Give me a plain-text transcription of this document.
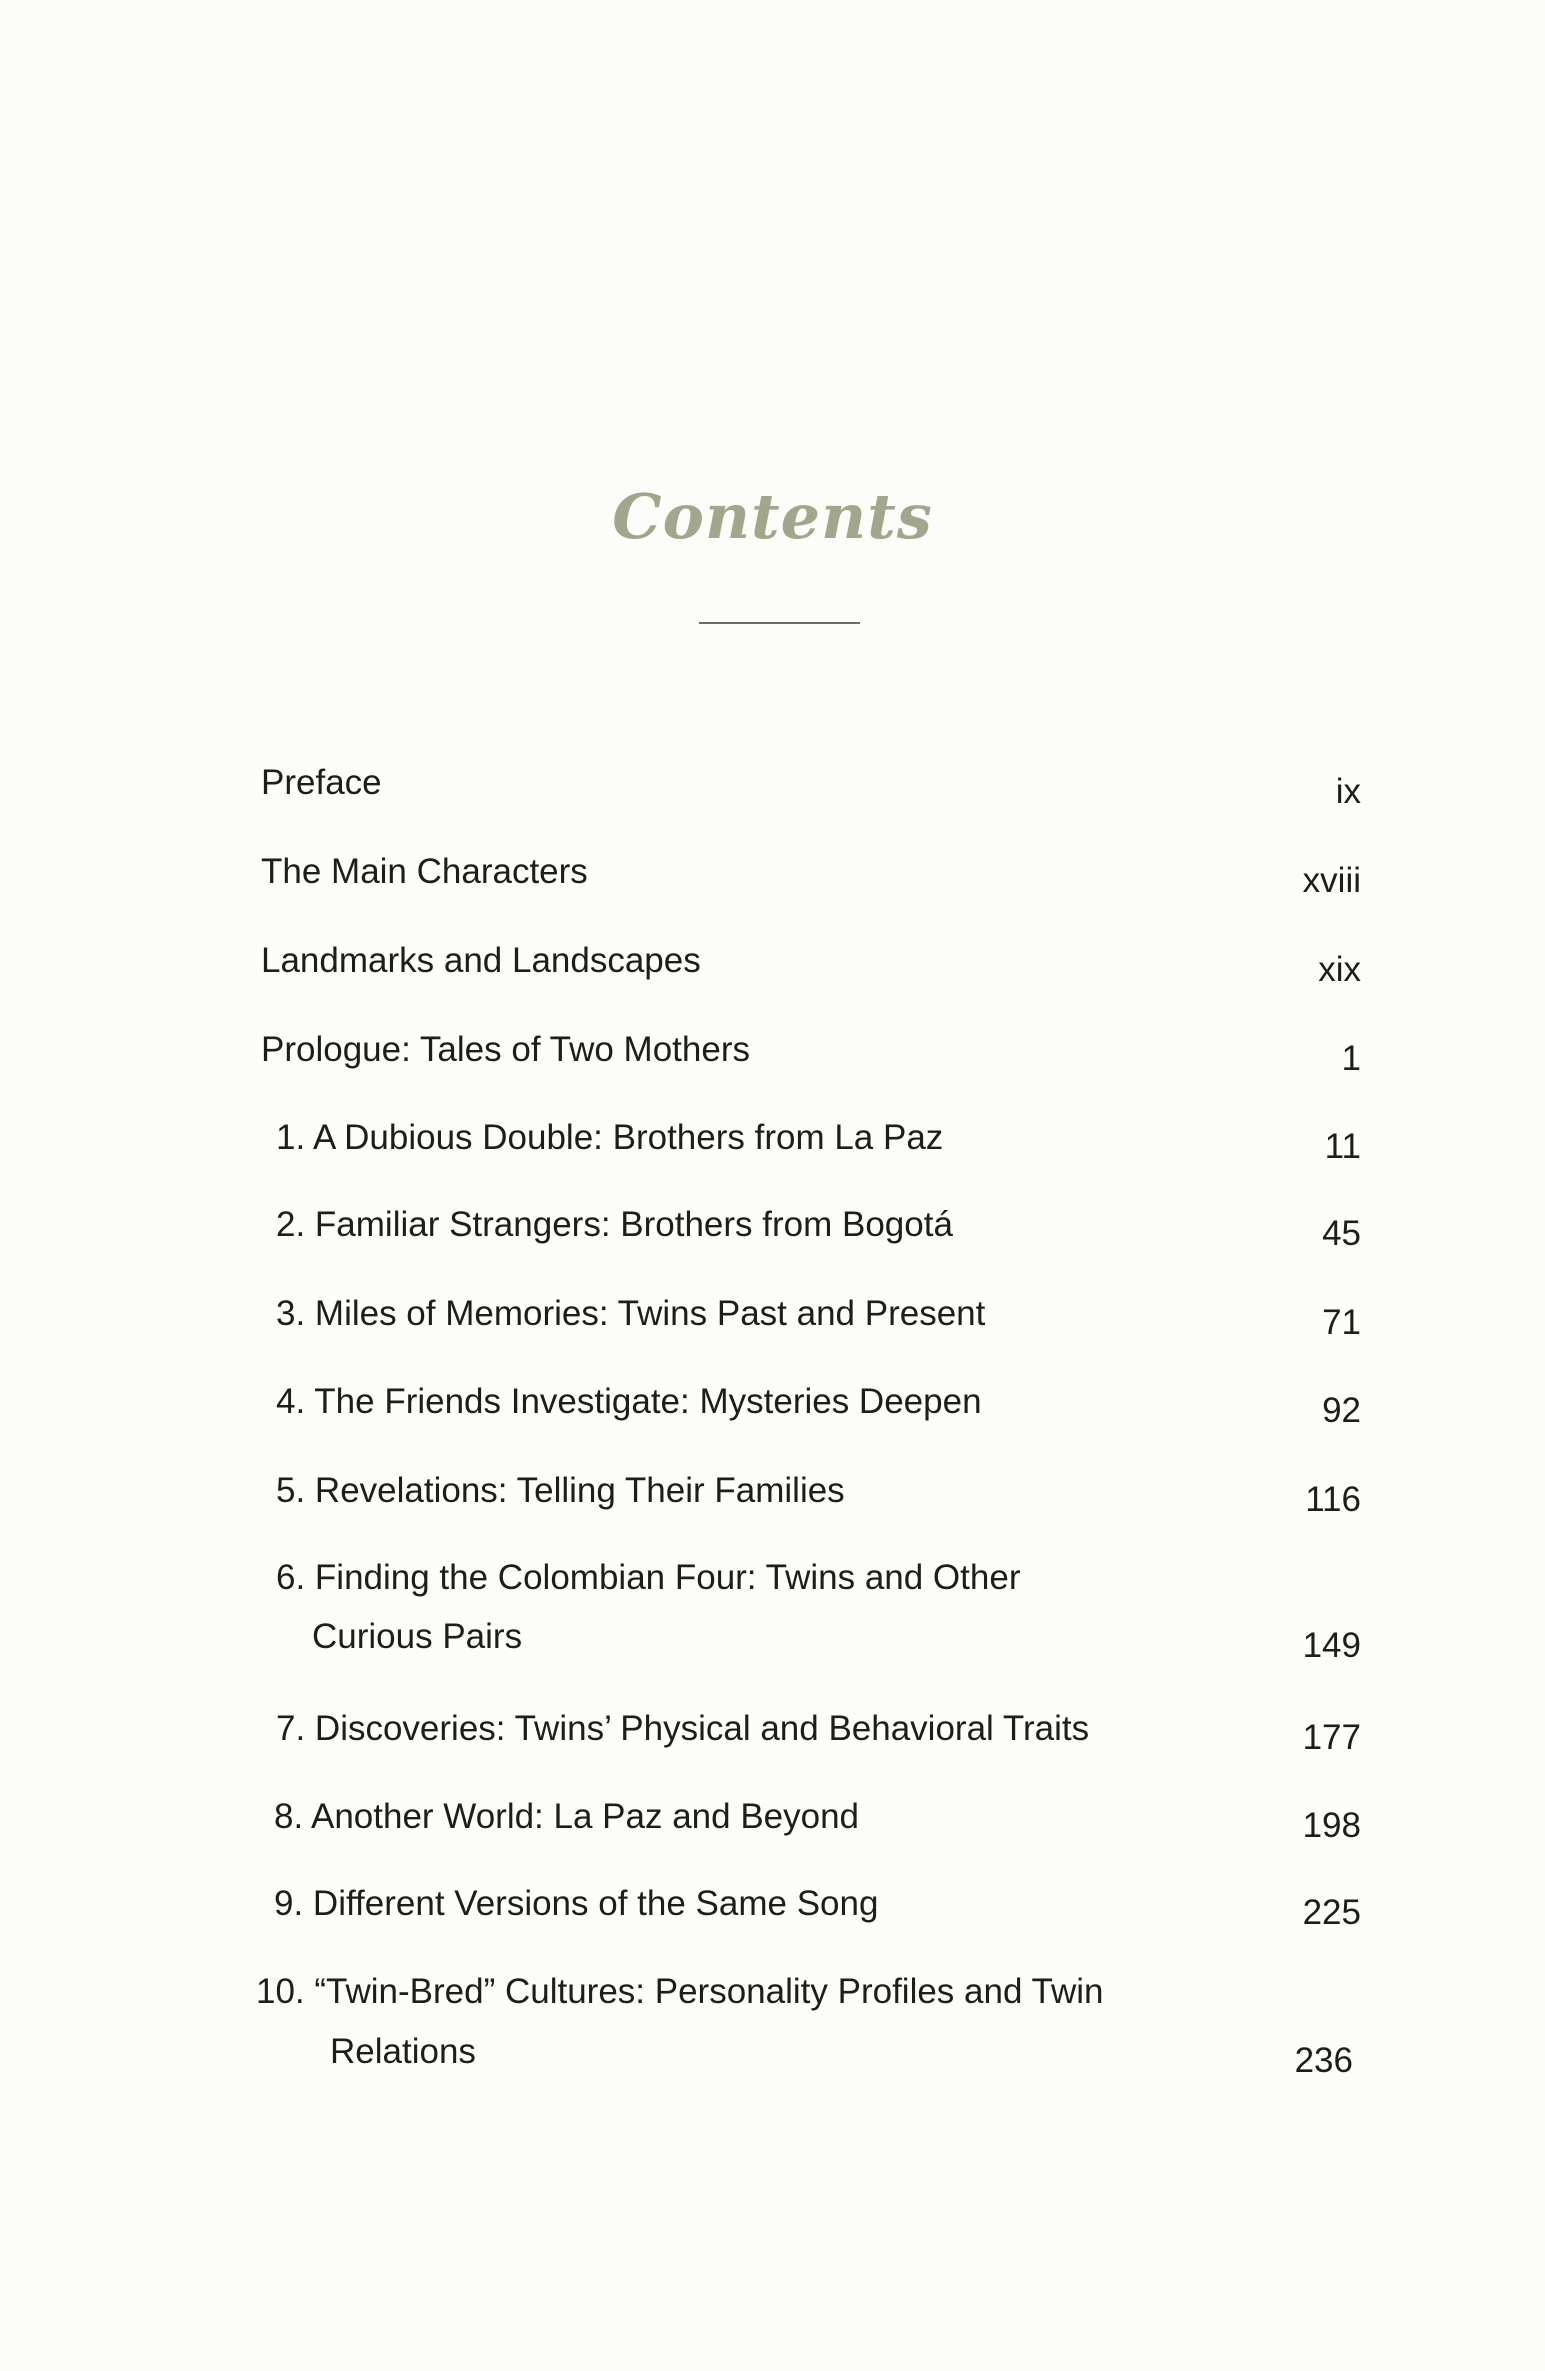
Contents
Preface	ix
The Main Characters	xviii
Landmarks and Landscapes	xix
Prologue: Tales of Two Mothers	1
1. A Dubious Double: Brothers from La Paz	11
2. Familiar Strangers: Brothers from Bogotá	45
3. Miles of Memories: Twins Past and Present	71
4. The Friends Investigate: Mysteries Deepen	92
5. Revelations: Telling Their Families	116
6. Finding the Colombian Four: Twins and Other
Curious Pairs	149
7. Discoveries: Twins’ Physical and Behavioral Traits	177
8. Another World: La Paz and Beyond	198
9. Different Versions of the Same Song	225
10. “Twin-Bred” Cultures: Personality Profiles and Twin
Relations	236
